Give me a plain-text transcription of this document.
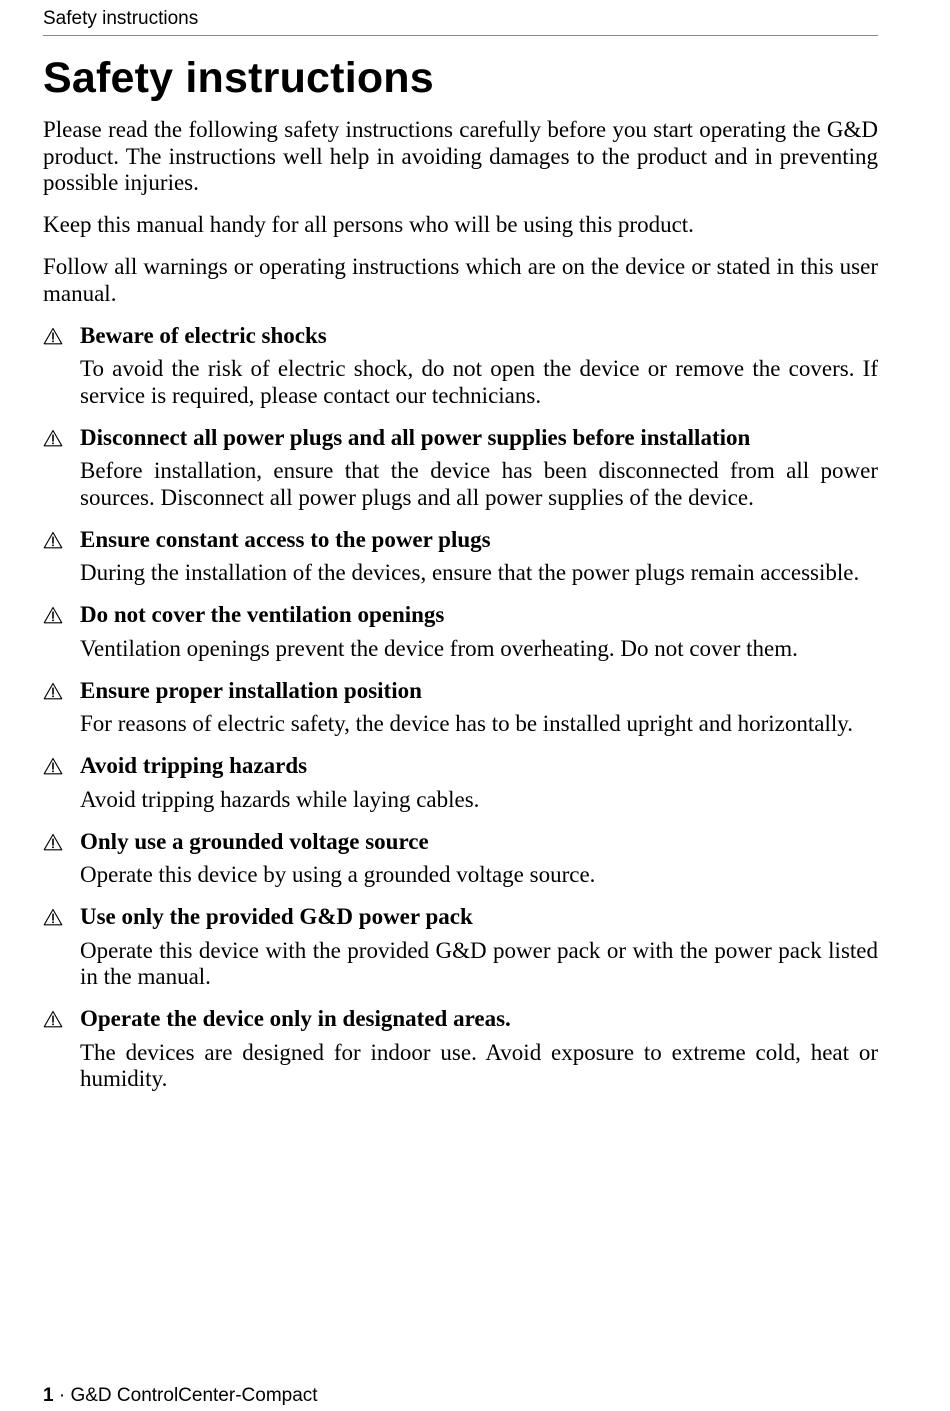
Safety instructions
Safety instructions

Please read the following safety instructions carefully before you start operating the G&D product. The instructions well help in avoiding damages to the product and in preventing possible injuries.

Keep this manual handy for all persons who will be using this product.

Follow all warnings or operating instructions which are on the device or stated in this user manual.

Beware of electric shocks

To avoid the risk of electric shock, do not open the device or remove the covers. If service is required, please contact our technicians.

Disconnect all power plugs and all power supplies before installation

Before installation, ensure that the device has been disconnected from all power sources. Disconnect all power plugs and all power supplies of the device.

Ensure constant access to the power plugs

During the installation of the devices, ensure that the power plugs remain accessible.

Do not cover the ventilation openings

Ventilation openings prevent the device from overheating. Do not cover them.

Ensure proper installation position

For reasons of electric safety, the device has to be installed upright and horizontally.

Avoid tripping hazards

Avoid tripping hazards while laying cables.

Only use a grounded voltage source

Operate this device by using a grounded voltage source.

Use only the provided G&D power pack

Operate this device with the provided G&D power pack or with the power pack listed in the manual.

Operate the device only in designated areas.

The devices are designed for indoor use. Avoid exposure to extreme cold, heat or humidity.

1 · G&D ControlCenter-Compact
